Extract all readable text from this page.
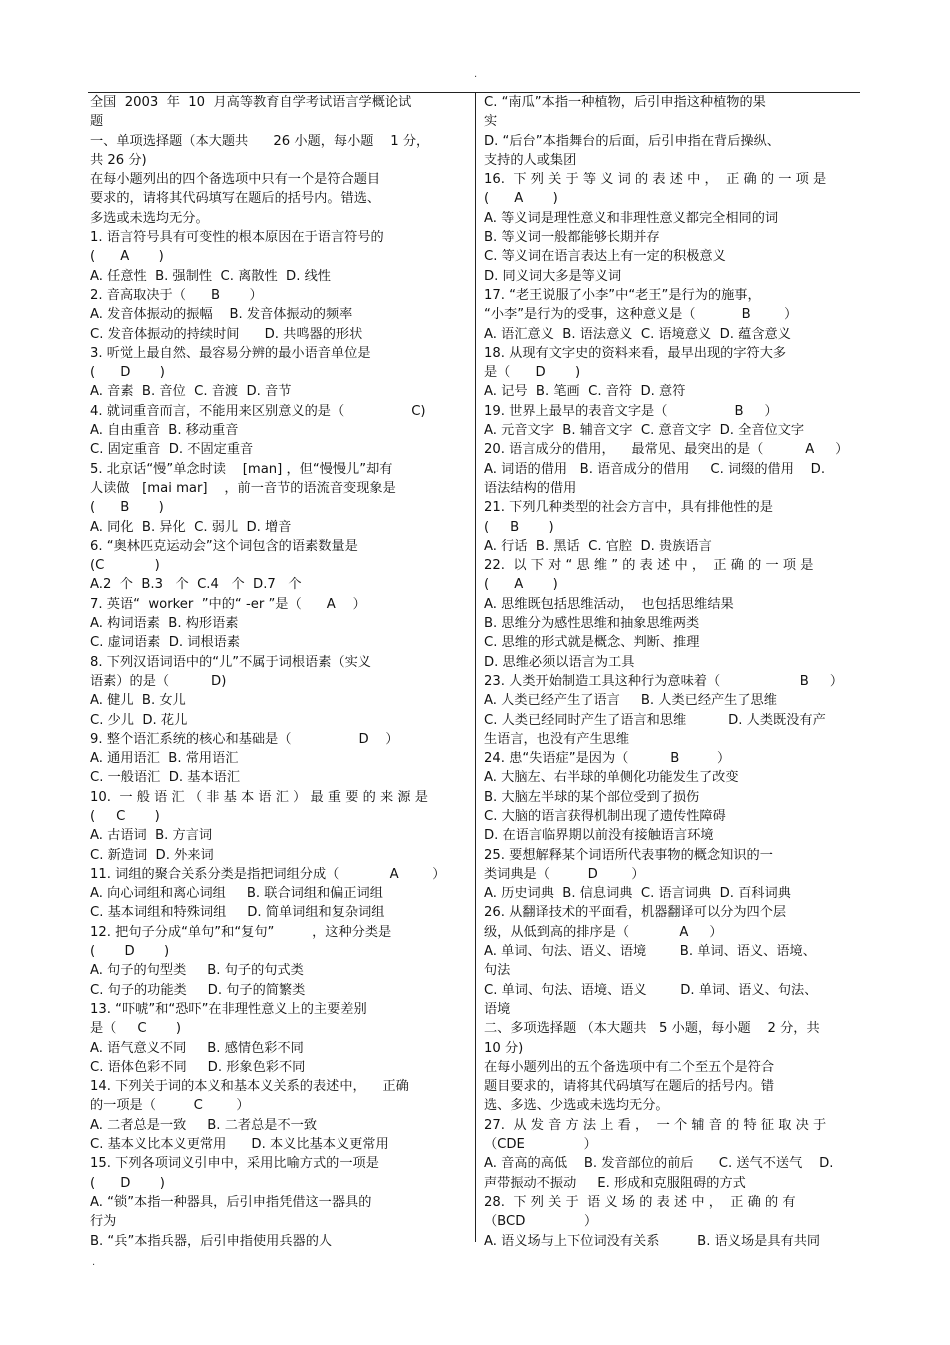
.
全国  2003  年  10  月高等教育自学考试语言学概论试
题
一、单项选择题（本大题共      26 小题，每小题    1 分，
共 26 分)
在每小题列出的四个备选项中只有一个是符合题目
要求的，请将其代码填写在题后的括号内。错选、
多选或未选均无分。
1. 语言符号具有可变性的根本原因在于语言符号的
(      A       )
A. 任意性  B. 强制性  C. 离散性  D. 线性
2. 音高取决于（      B       ）
A. 发音体振动的振幅    B. 发音体振动的频率
C. 发音体振动的持续时间      D. 共鸣器的形状
3. 听觉上最自然、最容易分辨的最小语音单位是
(      D       )
A. 音素  B. 音位  C. 音渡  D. 音节
4. 就词重音而言，不能用来区别意义的是（                C)
A. 自由重音  B. 移动重音
C. 固定重音  D. 不固定重音
5. 北京话“慢”单念时读    [man] ，但“慢慢儿”却有
人读做   [mai mar]    ，前一音节的语流音变现象是
(      B       )
A. 同化  B. 异化  C. 弱儿  D. 增音
6. “奥林匹克运动会”这个词包含的语素数量是
(C            )
A.2  个  B.3   个  C.4   个  D.7   个
7. 英语“  worker  ”中的“ -er ”是（      A    ）
A. 构词语素  B. 构形语素
C. 虚词语素  D. 词根语素
8. 下列汉语词语中的“儿”不属于词根语素（实义
语素）的是（          D)
A. 健儿  B. 女儿
C. 少儿  D. 花儿
9. 整个语汇系统的核心和基础是（                D    ）
A. 通用语汇  B. 常用语汇
C. 一般语汇  D. 基本语汇
10.  一 般 语 汇 （ 非 基 本 语 汇 ） 最 重 要 的 来 源 是
(     C       )
A. 古语词  B. 方言词
C. 新造词  D. 外来词
11. 词组的聚合关系分类是指把词组分成（            A        ）
A. 向心词组和离心词组     B. 联合词组和偏正词组
C. 基本词组和特殊词组     D. 简单词组和复杂词组
12. 把句子分成“单句”和“复句”         ，这种分类是
(       D       )
A. 句子的句型类     B. 句子的句式类
C. 句子的功能类     D. 句子的简繁类
13. “吓唬”和“恐吓”在非理性意义上的主要差别
是（     C       )
A. 语气意义不同     B. 感情色彩不同
C. 语体色彩不同     D. 形象色彩不同
14. 下列关于词的本义和基本义关系的表述中，    正确
的一项是（         C        ）
A. 二者总是一致     B. 二者总是不一致
C. 基本义比本义更常用      D. 本义比基本义更常用
15. 下列各项词义引申中，采用比喻方式的一项是
(      D       )
A. “锁”本指一种器具，后引申指凭借这一器具的
行为
B. “兵”本指兵器，后引申指使用兵器的人
C. “南瓜”本指一种植物，后引申指这种植物的果
实
D. “后台”本指舞台的后面，后引申指在背后操纵、
支持的人或集团
16.  下 列 关 于 等 义 词 的 表 述 中 ，  正 确 的 一 项 是
(      A       )
A. 等义词是理性意义和非理性意义都完全相同的词
B. 等义词一般都能够长期并存
C. 等义词在语言表达上有一定的积极意义
D. 同义词大多是等义词
17. “老王说服了小李”中“老王”是行为的施事，
“小李”是行为的受事，这种意义是（           B        ）
A. 语汇意义  B. 语法意义  C. 语境意义  D. 蕴含意义
18. 从现有文字史的资料来看，最早出现的字符大多
是（      D       )
A. 记号  B. 笔画  C. 音符  D. 意符
19. 世界上最早的表音文字是（                B     ）
A. 元音文字  B. 辅音文字  C. 意音文字  D. 全音位文字
20. 语言成分的借用，    最常见、最突出的是（          A     ）
A. 词语的借用   B. 语音成分的借用     C. 词缀的借用    D.
语法结构的借用
21. 下列几种类型的社会方言中，具有排他性的是
(     B       )
A. 行话  B. 黑话  C. 官腔  D. 贵族语言
22.  以 下 对 “ 思 维 ” 的 表 述 中 ，  正 确 的 一 项 是
(      A       )
A. 思维既包括思维活动，  也包括思维结果
B. 思维分为感性思维和抽象思维两类
C. 思维的形式就是概念、判断、推理
D. 思维必须以语言为工具
23. 人类开始制造工具这种行为意味着（                   B     ）
A. 人类已经产生了语言     B. 人类已经产生了思维
C. 人类已经同时产生了语言和思维          D. 人类既没有产
生语言，也没有产生思维
24. 患“失语症”是因为（          B         ）
A. 大脑左、右半球的单侧化功能发生了改变
B. 大脑左半球的某个部位受到了损伤
C. 大脑的语言获得机制出现了遗传性障碍
D. 在语言临界期以前没有接触语言环境
25. 要想解释某个词语所代表事物的概念知识的一
类词典是（         D        ）
A. 历史词典  B. 信息词典  C. 语言词典  D. 百科词典
26. 从翻译技术的平面看，机器翻译可以分为四个层
级，从低到高的排序是（            A     ）
A. 单词、句法、语义、语境        B. 单词、语义、语境、
句法
C. 单词、句法、语境、语义        D. 单词、语义、句法、
语境
二、多项选择题 （本大题共   5 小题，每小题    2 分，共
10 分)
在每小题列出的五个备选项中有二个至五个是符合
题目要求的，请将其代码填写在题后的括号内。错
选、多选、少选或未选均无分。
27.  从 发 音 方 法 上 看 ，  一 个 辅 音 的 特 征 取 决 于
（CDE              ）
A. 音高的高低    B. 发音部位的前后      C. 送气不送气    D.
声带振动不振动     E. 形成和克服阻碍的方式
28.  下 列 关 于  语 义 场 的 表 述 中 ，  正 确 的 有
（BCD              ）
A. 语义场与上下位词没有关系         B. 语义场是具有共同
.
